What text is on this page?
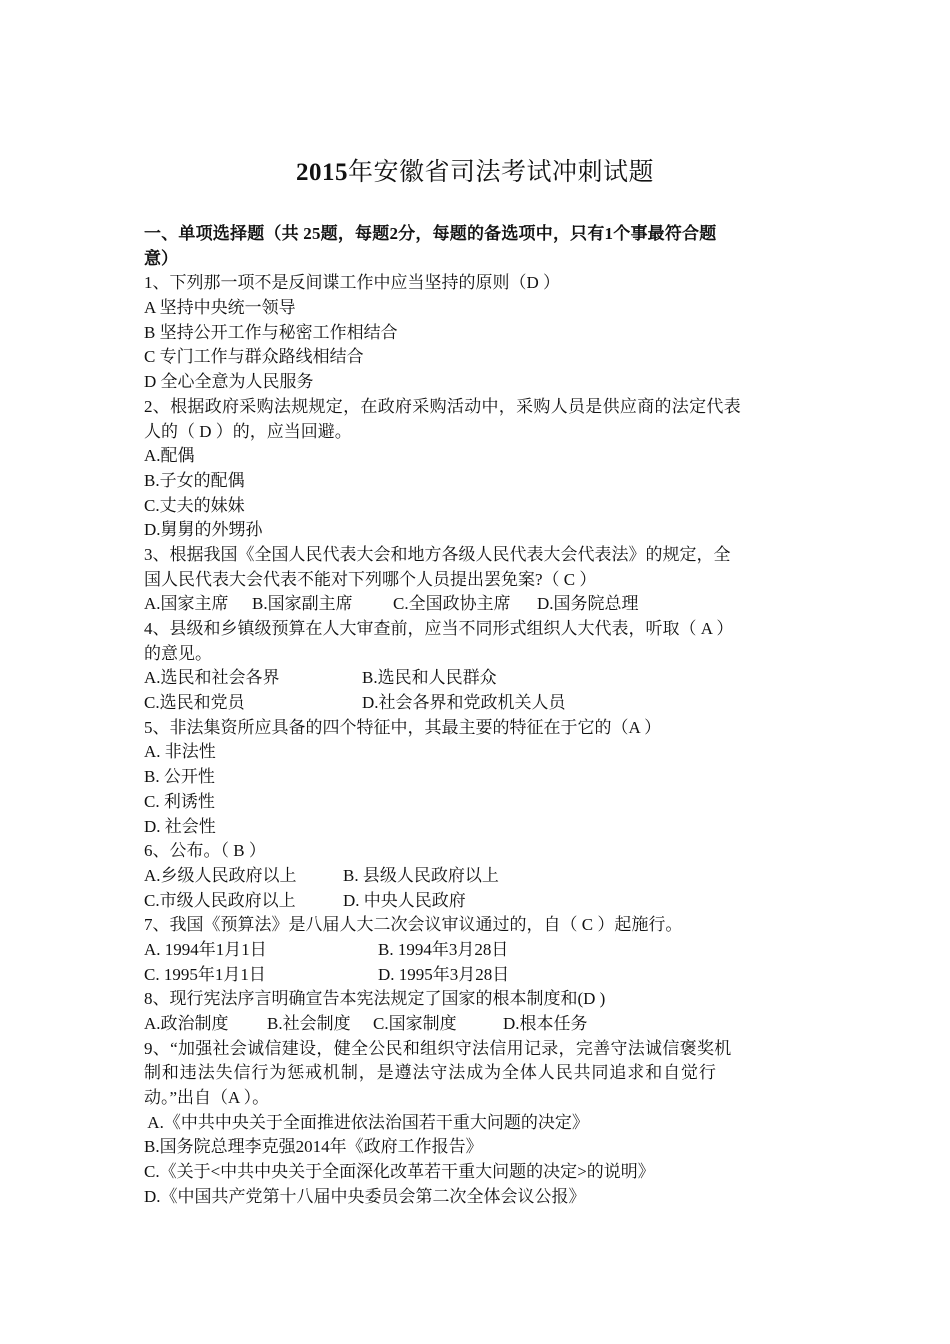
2015年安徽省司法考试冲刺试题
一、单项选择题（共 25题，每题2分，每题的备选项中，只有1个事最符合题
意）
1、下列那一项不是反间谍工作中应当坚持的原则（D ）
A 坚持中央统一领导
B 坚持公开工作与秘密工作相结合
C 专门工作与群众路线相结合
D 全心全意为人民服务
2、根据政府采购法规规定，在政府采购活动中，采购人员是供应商的法定代表
人的（ D ）的，应当回避。
A.配偶
B.子女的配偶
C.丈夫的妹妹
D.舅舅的外甥孙
3、根据我国《全国人民代表大会和地方各级人民代表大会代表法》的规定，全
国人民代表大会代表不能对下列哪个人员提出罢免案?（ C ）
A.国家主席	B.国家副主席	C.全国政协主席	D.国务院总理
4、县级和乡镇级预算在人大审查前，应当不同形式组织人大代表，听取（ A ）
的意见。
A.选民和社会各界	B.选民和人民群众
C.选民和党员	D.社会各界和党政机关人员
5、非法集资所应具备的四个特征中，其最主要的特征在于它的（A ）
A. 非法性
B. 公开性
C. 利诱性
D. 社会性
6、公布。（ B ）
A.乡级人民政府以上	B. 县级人民政府以上
C.市级人民政府以上	D. 中央人民政府
7、我国《预算法》是八届人大二次会议审议通过的，自（ C ）起施行。
A. 1994年1月1日	B. 1994年3月28日
C. 1995年1月1日	D. 1995年3月28日
8、现行宪法序言明确宣告本宪法规定了国家的根本制度和(D )
A.政治制度	B.社会制度	C.国家制度	D.根本任务
9、“加强社会诚信建设，健全公民和组织守法信用记录，完善守法诚信褒奖机
制和违法失信行为惩戒机制，是遵法守法成为全体人民共同追求和自觉行
动。”出自（A ）。
A.《中共中央关于全面推进依法治国若干重大问题的决定》
B.国务院总理李克强2014年《政府工作报告》
C.《关于<中共中央关于全面深化改革若干重大问题的决定>的说明》
D.《中国共产党第十八届中央委员会第二次全体会议公报》
